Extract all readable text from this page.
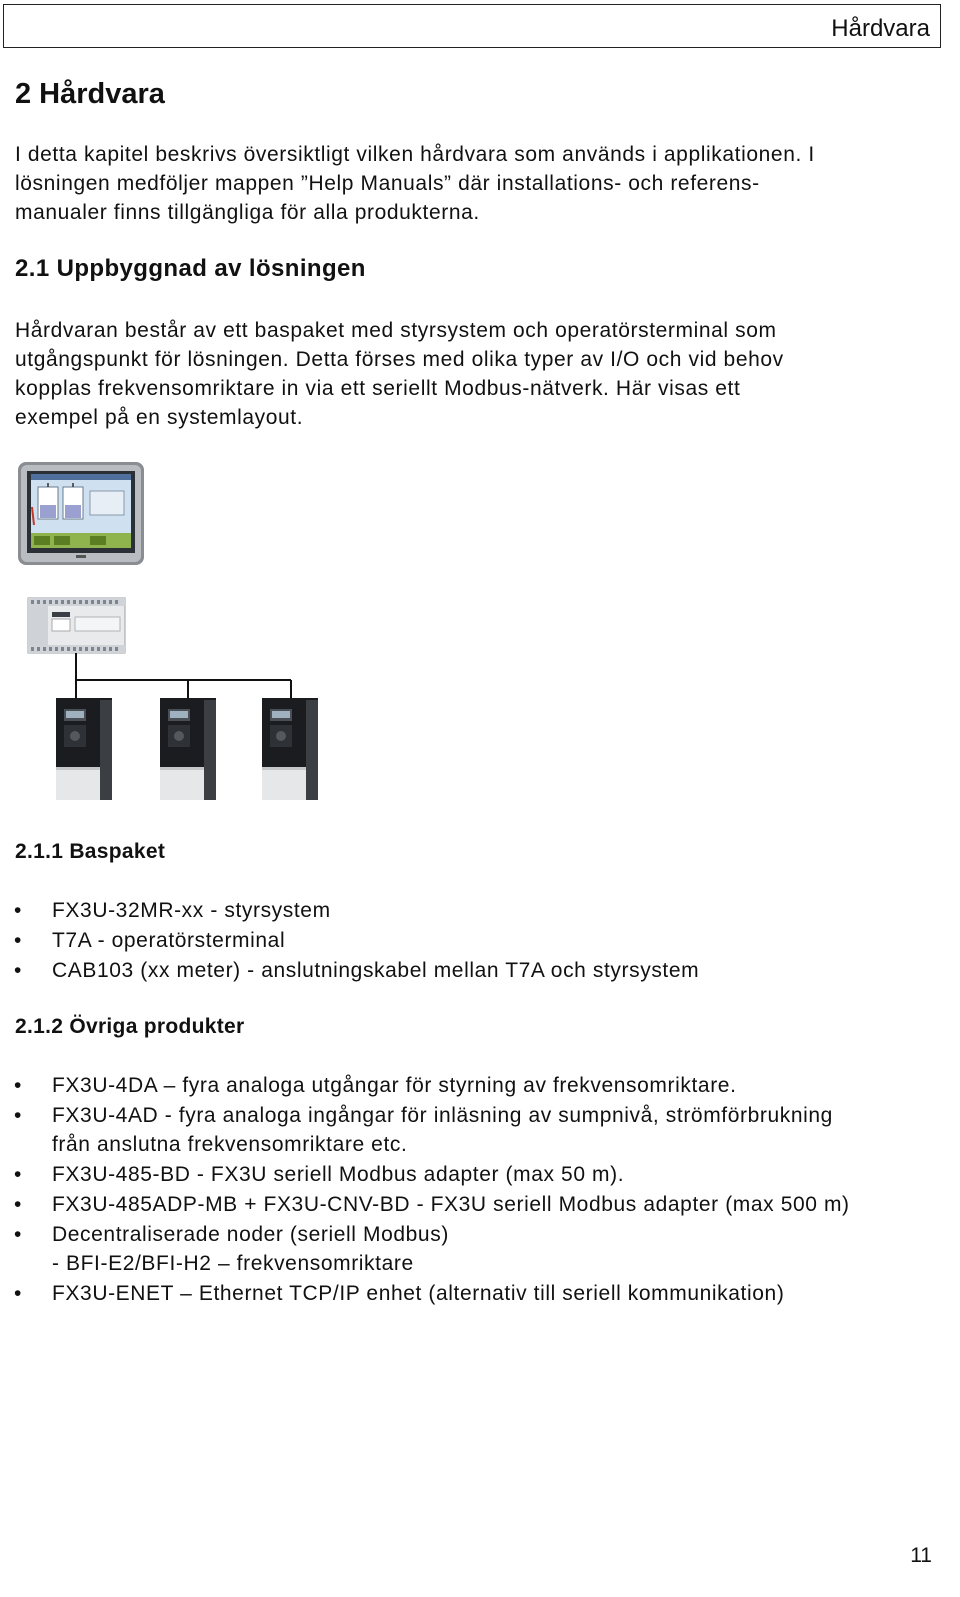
Hårdvara
2 Hårdvara
I detta kapitel beskrivs översiktligt vilken hårdvara som används i applikationen. I
lösningen medföljer mappen ”Help Manuals” där installations- och referens-
manualer finns tillgängliga för alla produkterna.
2.1 Uppbyggnad av lösningen
Hårdvaran består av ett baspaket med styrsystem och operatörsterminal som
utgångspunkt för lösningen. Detta förses med olika typer av I/O och vid behov
kopplas frekvensomriktare in via ett seriellt Modbus-nätverk. Här visas ett
exempel på en systemlayout.
2.1.1 Baspaket
• FX3U-32MR-xx - styrsystem
• T7A - operatörsterminal
• CAB103 (xx meter) - anslutningskabel mellan T7A och styrsystem
2.1.2 Övriga produkter
• FX3U-4DA – fyra analoga utgångar för styrning av frekvensomriktare.
• FX3U-4AD - fyra analoga ingångar för inläsning av sumpnivå, strömförbrukning
från anslutna frekvensomriktare etc.
• FX3U-485-BD - FX3U seriell Modbus adapter (max 50 m).
• FX3U-485ADP-MB + FX3U-CNV-BD - FX3U seriell Modbus adapter (max 500 m)
• Decentraliserade noder (seriell Modbus)
- BFI-E2/BFI-H2 – frekvensomriktare
• FX3U-ENET – Ethernet TCP/IP enhet (alternativ till seriell kommunikation)
11
